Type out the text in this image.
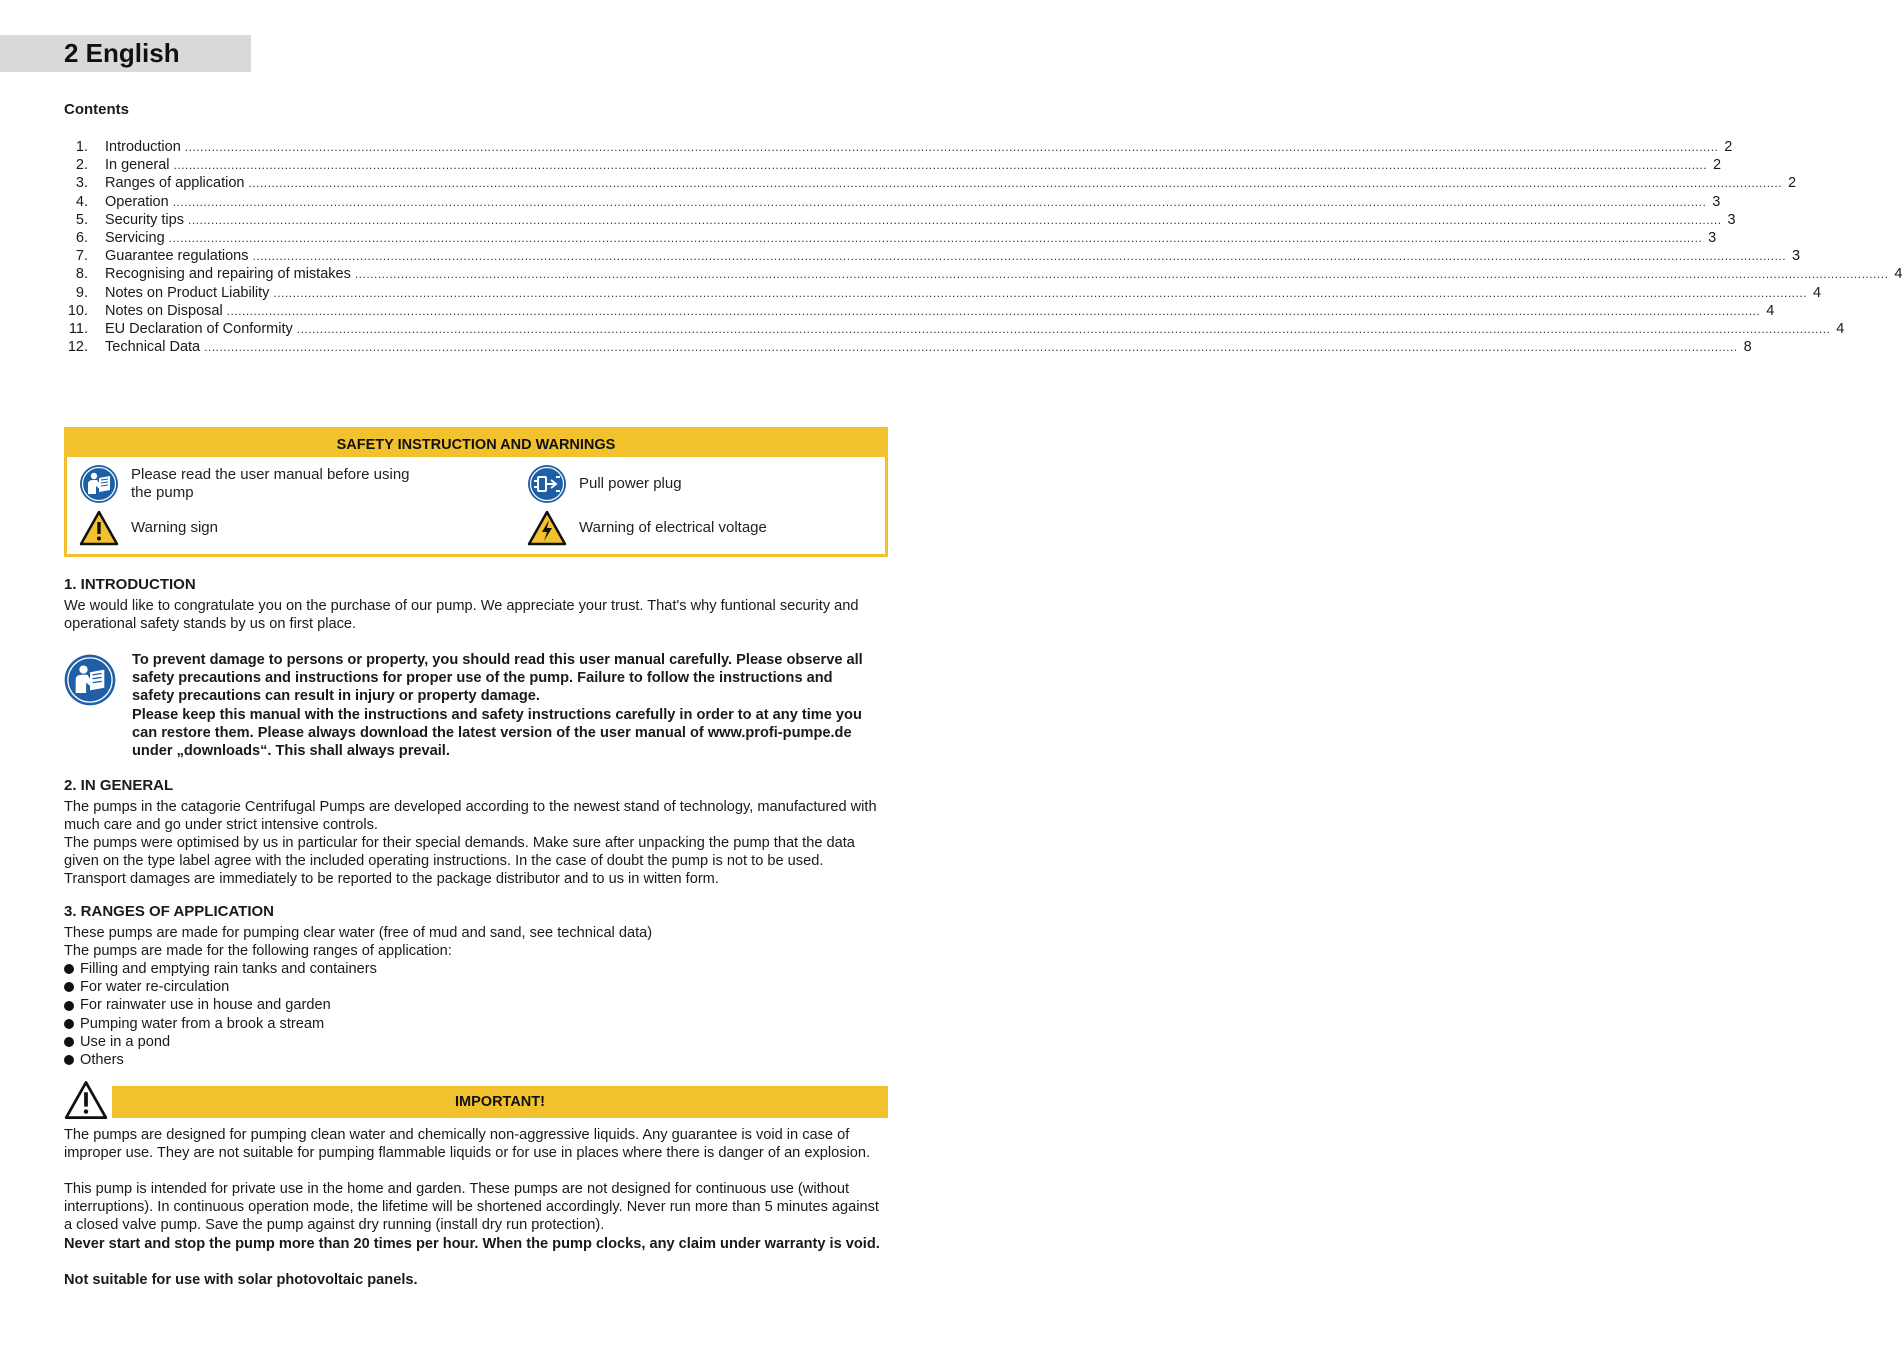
2 English
Contents
1.	Introduction ................................................................................................................................................................................................................................................................................................................................................................................................................ 2
2.	In general ................................................................................................................................................................................................................................................................................................................................................................................................................ 2
3.	Ranges of application ................................................................................................................................................................................................................................................................................................................................................................................................................ 2
4.	Operation ................................................................................................................................................................................................................................................................................................................................................................................................................ 3
5.	Security tips ................................................................................................................................................................................................................................................................................................................................................................................................................ 3
6.	Servicing ................................................................................................................................................................................................................................................................................................................................................................................................................ 3
7.	Guarantee regulations ................................................................................................................................................................................................................................................................................................................................................................................................................ 3
8.	Recognising and repairing of mistakes ................................................................................................................................................................................................................................................................................................................................................................................................................ 4
9.	Notes on Product Liability ................................................................................................................................................................................................................................................................................................................................................................................................................ 4
10.	Notes on Disposal ................................................................................................................................................................................................................................................................................................................................................................................................................ 4
11.	EU Declaration of Conformity ................................................................................................................................................................................................................................................................................................................................................................................................................ 4
12.	Technical Data ................................................................................................................................................................................................................................................................................................................................................................................................................ 8
SAFETY INSTRUCTION AND WARNINGS
Please read the user manual before using
the pump
Pull power plug
Warning sign	Warning of electrical voltage
1. INTRODUCTION

We would like to congratulate you on the purchase of our pump. We appreciate your trust. That's why funtional security and operational safety stands by us on first place.

To prevent damage to persons or property, you should read this user manual carefully. Please observe all safety precautions and instructions for proper use of the pump. Failure to follow the instructions and safety precautions can result in injury or property damage.
Please keep this manual with the instructions and safety instructions carefully in order to at any time you can restore them. Please always download the latest version of the user manual of www.profi-pumpe.de under „downloads“. This shall always prevail.

2. IN GENERAL

The pumps in the catagorie Centrifugal Pumps are developed according to the newest stand of technology, manufactured with much care and go under strict intensive controls.

The pumps were optimised by us in particular for their special demands. Make sure after unpacking the pump that the data given on the type label agree with the included operating instructions. In the case of doubt the pump is not to be used. Transport damages are immediately to be reported to the package distributor and to us in witten form.

3. RANGES OF APPLICATION

These pumps are made for pumping clear water (free of mud and sand, see technical data)

The pumps are made for the following ranges of application:

Filling and emptying rain tanks and containers
For water re-circulation
For rainwater use in house and garden
Pumping water from a brook a stream
Use in a pond
Others
IMPORTANT!

The pumps are designed for pumping clean water and chemically non-aggressive liquids. Any guarantee is void in case of improper use. They are not suitable for pumping flammable liquids or for use in places where there is danger of an explosion.

This pump is intended for private use in the home and garden. These pumps are not designed for continuous use (without interruptions). In continuous operation mode, the lifetime will be shortened accordingly. Never run more than 5 minutes against a closed valve pump. Save the pump against dry running (install dry run protection).

Never start and stop the pump more than 20 times per hour. When the pump clocks, any claim under warranty is void.

Not suitable for use with solar photovoltaic panels.
